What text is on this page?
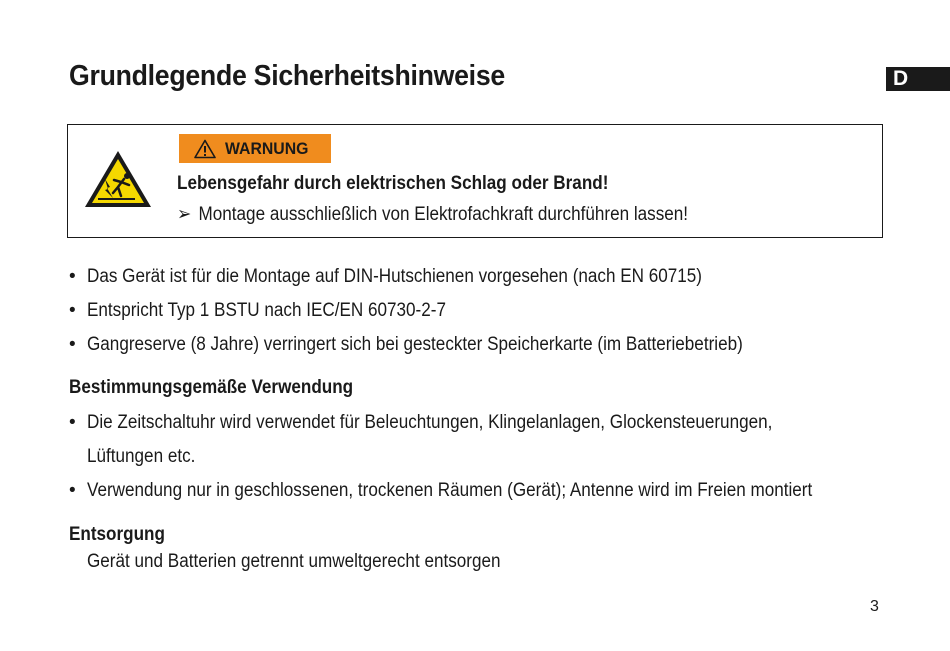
Grundlegende Sicherheitshinweise	D
WARNUNG
Lebensgefahr durch elektrischen Schlag oder Brand!
➢ Montage ausschließlich von Elektrofachkraft durchführen lassen!
• Das Gerät ist für die Montage auf DIN-Hutschienen vorgesehen (nach EN 60715)
• Entspricht Typ 1 BSTU nach IEC/EN 60730-2-7
• Gangreserve (8 Jahre) verringert sich bei gesteckter Speicherkarte (im Batteriebetrieb)
Bestimmungsgemäße Verwendung
• Die Zeitschaltuhr wird verwendet für Beleuchtungen, Klingelanlagen, Glockensteuerungen,
Lüftungen etc.
• Verwendung nur in geschlossenen, trockenen Räumen (Gerät); Antenne wird im Freien montiert
Entsorgung
Gerät und Batterien getrennt umweltgerecht entsorgen
3
